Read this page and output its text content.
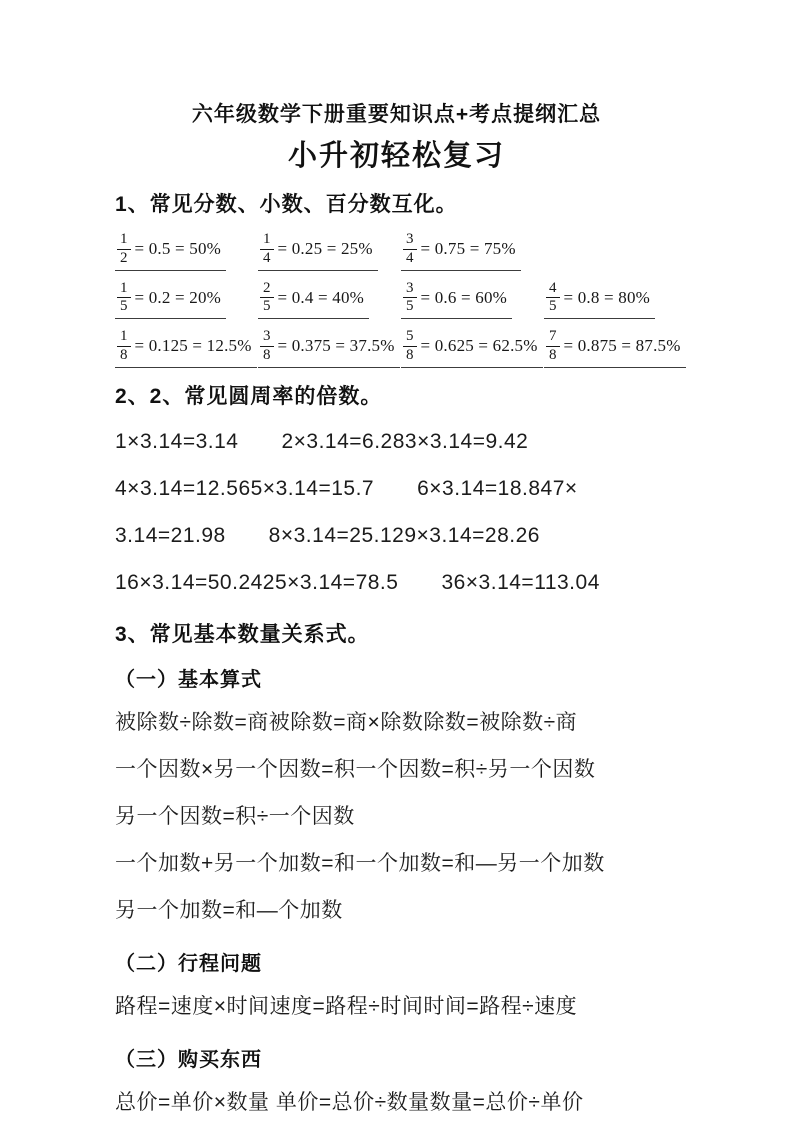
六年级数学下册重要知识点+考点提纲汇总
小升初轻松复习
1、常见分数、小数、百分数互化。
$\frac{1}{2} = 0.5 = 50\%$	$\frac{1}{4} = 0.25 = 25\% \frac{3}{4} = 0.75 = 75\%$
$\frac{1}{5} = 0.2 = 20\%$	$\frac{2}{5} = 0.4 = 40\%$	$\frac{3}{5} = 0.6 = 60\%$	$\frac{4}{5} = 0.8 = 80\%$
$\frac{1}{8} = 0.125 = 12.5\% \frac{3}{8} = 0.375 = 37.5\% \frac{5}{8} = 0.625 = 62.5\% \frac{7}{8} = 0.875 = 87.5\%$
2、2、常见圆周率的倍数。

1×3.14=3.14  2×3.14=6.283×3.14=9.42

4×3.14=12.565×3.14=15.7  6×3.14=18.847×

3.14=21.98  8×3.14=25.129×3.14=28.26

16×3.14=50.2425×3.14=78.5  36×3.14=113.04

3、常见基本数量关系式。
（一）基本算式

被除数÷除数=商被除数=商×除数除数=被除数÷商

一个因数×另一个因数=积一个因数=积÷另一个因数

另一个因数=积÷一个因数

一个加数+另一个加数=和一个加数=和—另一个加数

另一个加数=和—个加数

（二）行程问题

路程=速度×时间速度=路程÷时间时间=路程÷速度

（三）购买东西

总价=单价×数量 单价=总价÷数量数量=总价÷单价
